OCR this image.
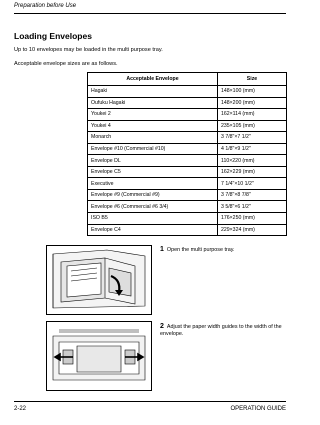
Preparation before Use
Loading Envelopes
Up to 10 envelopes may be loaded in the multi purpose tray.
Acceptable envelope sizes are as follows.
Acceptable Envelope	Size
Hagaki	148×100 (mm)
Oufuku Hagaki	148×200 (mm)
Youkei 2	162×114 (mm)
Youkei 4	235×105 (mm)
Monarch	3 7/8"×7 1/2"
Envelope #10 (Commercial #10)	4 1/8"×9 1/2"
Envelope DL	110×220 (mm)
Envelope C5	162×229 (mm)
Executive	7 1/4"×10 1/2"
Envelope #9 (Commercial #9)	3 7/8"×8 7/8"
Envelope #6 (Commercial #6 3/4)	3 5/8"×6 1/2"
ISO B5	176×250 (mm)
Envelope C4	229×324 (mm)
1 Open the multi purpose tray.
2 Adjust the paper width guides to the width of the envelope.
2-22	OPERATION GUIDE
